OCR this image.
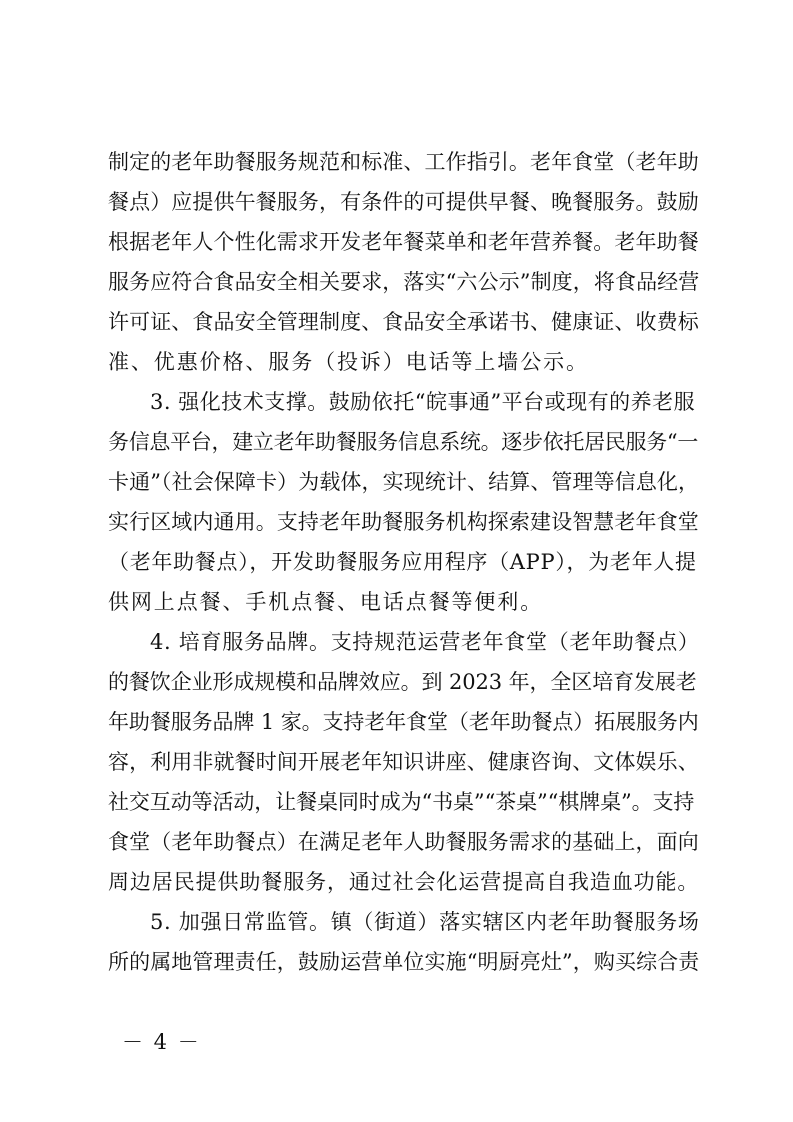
制定的老年助餐服务规范和标准、工作指引。老年食堂（老年助
餐点）应提供午餐服务，有条件的可提供早餐、晚餐服务。鼓励
根据老年人个性化需求开发老年餐菜单和老年营养餐。老年助餐
服务应符合食品安全相关要求，落实“六公示”制度，将食品经营
许可证、食品安全管理制度、食品安全承诺书、健康证、收费标
准、优惠价格、服务（投诉）电话等上墙公示。
3. 强化技术支撑。鼓励依托“皖事通”平台或现有的养老服
务信息平台，建立老年助餐服务信息系统。逐步依托居民服务“一
卡通”（社会保障卡）为载体，实现统计、结算、管理等信息化，
实行区域内通用。支持老年助餐服务机构探索建设智慧老年食堂
（老年助餐点），开发助餐服务应用程序（APP），为老年人提
供网上点餐、手机点餐、电话点餐等便利。
4. 培育服务品牌。支持规范运营老年食堂（老年助餐点）
的餐饮企业形成规模和品牌效应。到 2023 年，全区培育发展老
年助餐服务品牌 1 家。支持老年食堂（老年助餐点）拓展服务内
容，利用非就餐时间开展老年知识讲座、健康咨询、文体娱乐、
社交互动等活动，让餐桌同时成为“书桌”“茶桌”“棋牌桌”。支持
食堂（老年助餐点）在满足老年人助餐服务需求的基础上，面向
周边居民提供助餐服务，通过社会化运营提高自我造血功能。
5. 加强日常监管。镇（街道）落实辖区内老年助餐服务场
所的属地管理责任，鼓励运营单位实施“明厨亮灶”，购买综合责
－ 4 －
